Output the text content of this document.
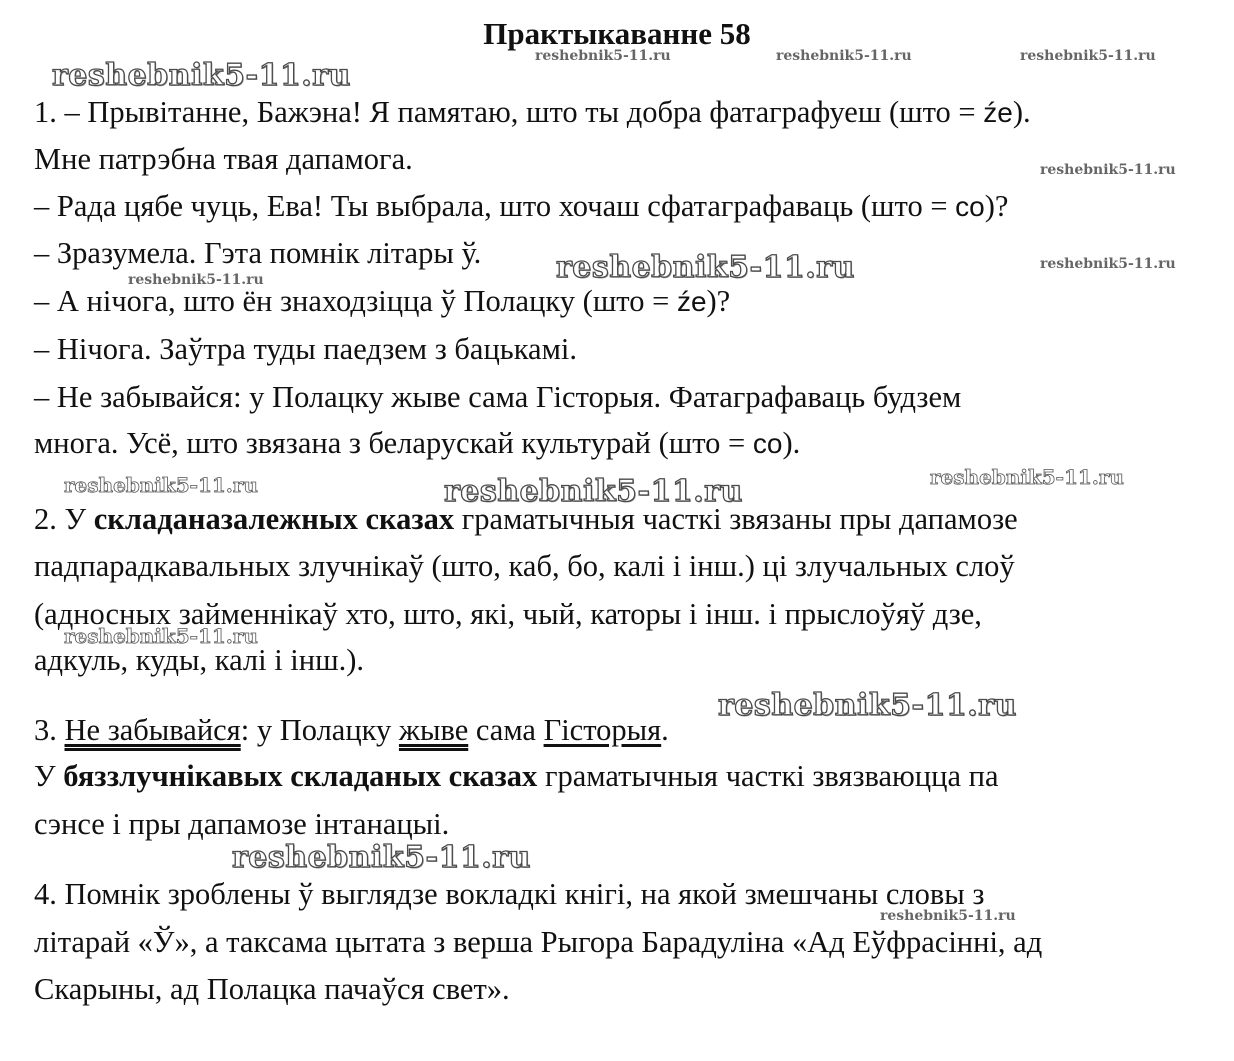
Практыкаванне 58
1. – Прывітанне, Бажэна! Я памятаю, што ты добра фатаграфуеш (што = źe).
Мне патрэбна твая дапамога.
– Рада цябе чуць, Ева! Ты выбрала, што хочаш сфатаграфаваць (што = co)?
– Зразумела. Гэта помнік літары ў.
– А нічога, што ён знаходзіцца ў Полацку (што = źe)?
– Нічога. Заўтра туды паедзем з бацькамі.
– Не забывайся: у Полацку жыве сама Гісторыя. Фатаграфаваць будзем
многа. Усё, што звязана з беларускай культурай (што = co).
2. У складаназалежных сказах граматычныя часткі звязаны пры дапамозе
падпарадкавальных злучнікаў (што, каб, бо, калі і інш.) ці злучальных слоў
(адносных займеннікаў хто, што, які, чый, каторы і інш. і прыслоўяў дзе,
адкуль, куды, калі і інш.).
3. Не забывайся: у Полацку жыве сама Гісторыя.
У бяззлучнікавых складаных сказах граматычныя часткі звязваюцца па
сэнсе і пры дапамозе інтанацыі.
4. Помнік зроблены ў выглядзе вокладкі кнігі, на якой змешчаны словы з
літарай «Ў», а таксама цытата з верша Рыгора Барадуліна «Ад Еўфрасінні, ад
Скарыны, ад Полацка пачаўся свет».
reshebnik5-11.ru
reshebnik5-11.ru	reshebnik5-11.ru	reshebnik5-11.ru
reshebnik5-11.ru
reshebnik5-11.ru	reshebnik5-11.ru
reshebnik5-11.ru
reshebnik5-11.ru
reshebnik5-11.ru	reshebnik5-11.ru
reshebnik5-11.ru
reshebnik5-11.ru
reshebnik5-11.ru
reshebnik5-11.ru
